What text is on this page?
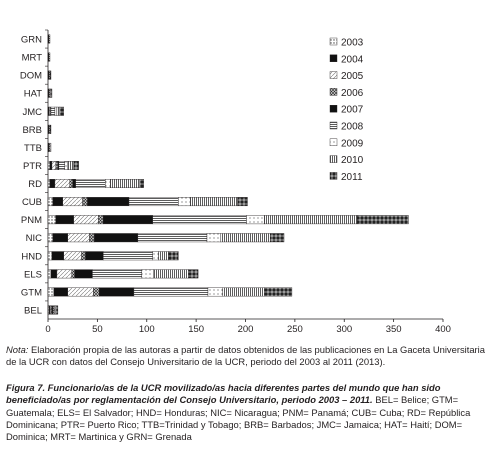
GRN
MRT
DOM
HAT
JMC
BRB
TTB
PTR
RD
CUB
PNM
NIC
HND
ELS
GTM
BEL
0	50	100	150	200	250	300	350	400
2003
2004
2005
2006
2007
2008
2009
2010
2011

Nota: Elaboración propia de las autoras a partir de datos obtenidos de las publicaciones en La Gaceta Universitaria de la UCR con datos del Consejo Universitario de la UCR, periodo del 2003 al 2011 (2013).

Figura 7. Funcionario/as de la UCR movilizado/as hacia diferentes partes del mundo que han sido beneficiado/as por reglamentación del Consejo Universitario, periodo 2003 – 2011. BEL= Belice; GTM= Guatemala; ELS= El Salvador; HND= Honduras; NIC= Nicaragua; PNM= Panamá; CUB= Cuba; RD= República Dominicana; PTR= Puerto Rico; TTB=Trinidad y Tobago; BRB= Barbados; JMC= Jamaica; HAT= Haití; DOM= Dominica; MRT= Martinica y GRN= Grenada
